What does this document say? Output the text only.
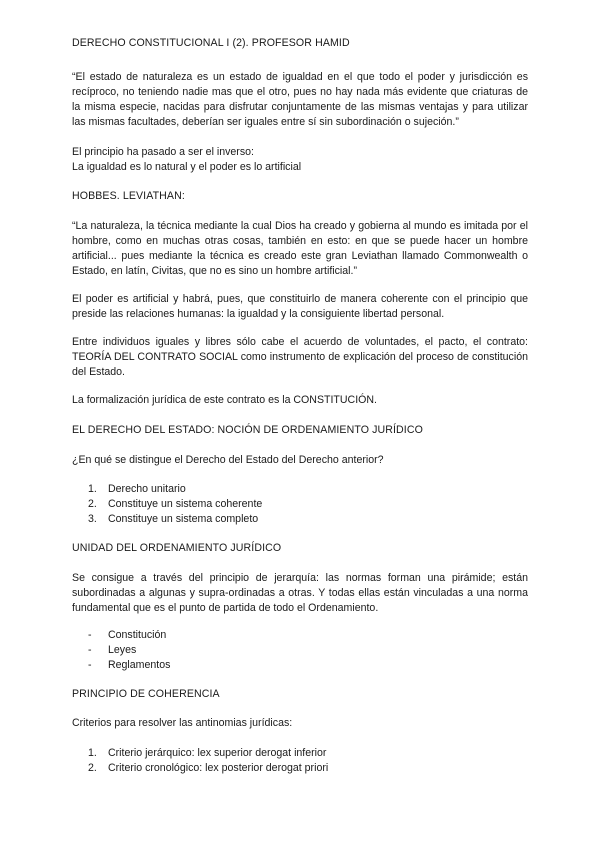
DERECHO CONSTITUCIONAL I (2). PROFESOR HAMID

“El estado de naturaleza es un estado de igualdad en el que todo el poder y jurisdicción es recíproco, no teniendo nadie mas que el otro, pues no hay nada más evidente que criaturas de la misma especie, nacidas para disfrutar conjuntamente de las mismas ventajas y para utilizar las mismas facultades, deberían ser iguales entre sí sin subordinación o sujeción.”

El principio ha pasado a ser el inverso:

La igualdad es lo natural y el poder es lo artificial

HOBBES. LEVIATHAN:

“La naturaleza, la técnica mediante la cual Dios ha creado y gobierna al mundo es imitada por el hombre, como en muchas otras cosas, también en esto: en que se puede hacer un hombre artificial... pues mediante la técnica es creado este gran Leviathan llamado Commonwealth o Estado, en latín, Civitas, que no es sino un hombre artificial.”

El poder es artificial y habrá, pues, que constituirlo de manera coherente con el principio que preside las relaciones humanas: la igualdad y la consiguiente libertad personal.

Entre individuos iguales y libres sólo cabe el acuerdo de voluntades, el pacto, el contrato: TEORÍA DEL CONTRATO SOCIAL como instrumento de explicación del proceso de constitución del Estado.

La formalización jurídica de este contrato es la CONSTITUCIÓN.

EL DERECHO DEL ESTADO: NOCIÓN DE ORDENAMIENTO JURÍDICO

¿En qué se distingue el Derecho del Estado del Derecho anterior?

1. Derecho unitario

2. Constituye un sistema coherente

3. Constituye un sistema completo

UNIDAD DEL ORDENAMIENTO JURÍDICO

Se consigue a través del principio de jerarquía: las normas forman una pirámide; están subordinadas a algunas y supra-ordinadas a otras. Y todas ellas están vinculadas a una norma fundamental que es el punto de partida de todo el Ordenamiento.

- Constitución

- Leyes

- Reglamentos

PRINCIPIO DE COHERENCIA

Criterios para resolver las antinomias jurídicas:

1. Criterio jerárquico: lex superior derogat inferior

2. Criterio cronológico: lex posterior derogat priori
